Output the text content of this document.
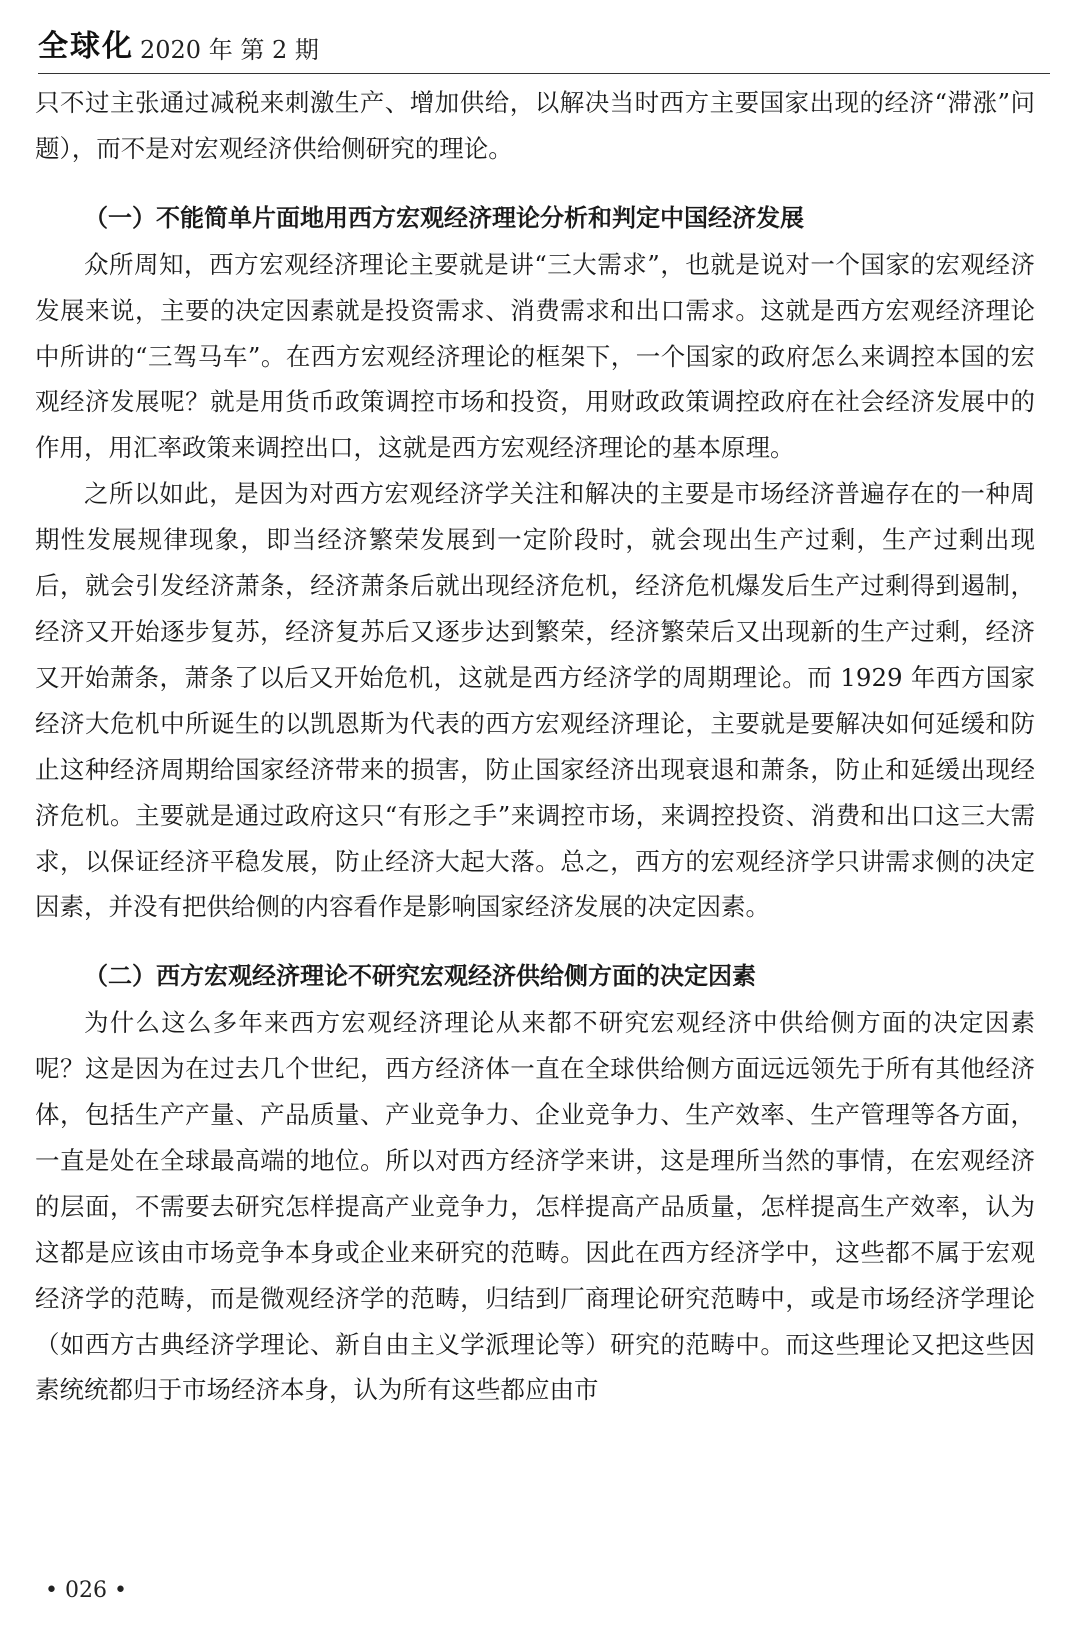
全球化 2020 年 第 2 期

只不过主张通过减税来刺激生产、增加供给，以解决当时西方主要国家出现的经济“滞涨”问题），而不是对宏观经济供给侧研究的理论。

（一）不能简单片面地用西方宏观经济理论分析和判定中国经济发展

众所周知，西方宏观经济理论主要就是讲“三大需求”，也就是说对一个国家的宏观经济发展来说，主要的决定因素就是投资需求、消费需求和出口需求。这就是西方宏观经济理论中所讲的“三驾马车”。在西方宏观经济理论的框架下，一个国家的政府怎么来调控本国的宏观经济发展呢？就是用货币政策调控市场和投资，用财政政策调控政府在社会经济发展中的作用，用汇率政策来调控出口，这就是西方宏观经济理论的基本原理。

之所以如此，是因为对西方宏观经济学关注和解决的主要是市场经济普遍存在的一种周期性发展规律现象，即当经济繁荣发展到一定阶段时，就会现出生产过剩，生产过剩出现后，就会引发经济萧条，经济萧条后就出现经济危机，经济危机爆发后生产过剩得到遏制，经济又开始逐步复苏，经济复苏后又逐步达到繁荣，经济繁荣后又出现新的生产过剩，经济又开始萧条，萧条了以后又开始危机，这就是西方经济学的周期理论。而 1929 年西方国家经济大危机中所诞生的以凯恩斯为代表的西方宏观经济理论，主要就是要解决如何延缓和防止这种经济周期给国家经济带来的损害，防止国家经济出现衰退和萧条，防止和延缓出现经济危机。主要就是通过政府这只“有形之手”来调控市场，来调控投资、消费和出口这三大需求，以保证经济平稳发展，防止经济大起大落。总之，西方的宏观经济学只讲需求侧的决定因素，并没有把供给侧的内容看作是影响国家经济发展的决定因素。

（二）西方宏观经济理论不研究宏观经济供给侧方面的决定因素

为什么这么多年来西方宏观经济理论从来都不研究宏观经济中供给侧方面的决定因素呢？这是因为在过去几个世纪，西方经济体一直在全球供给侧方面远远领先于所有其他经济体，包括生产产量、产品质量、产业竞争力、企业竞争力、生产效率、生产管理等各方面，一直是处在全球最高端的地位。所以对西方经济学来讲，这是理所当然的事情，在宏观经济的层面，不需要去研究怎样提高产业竞争力，怎样提高产品质量，怎样提高生产效率，认为这都是应该由市场竞争本身或企业来研究的范畴。因此在西方经济学中，这些都不属于宏观经济学的范畴，而是微观经济学的范畴，归结到厂商理论研究范畴中，或是市场经济学理论（如西方古典经济学理论、新自由主义学派理论等）研究的范畴中。而这些理论又把这些因素统统都归于市场经济本身，认为所有这些都应由市

• 026 •
